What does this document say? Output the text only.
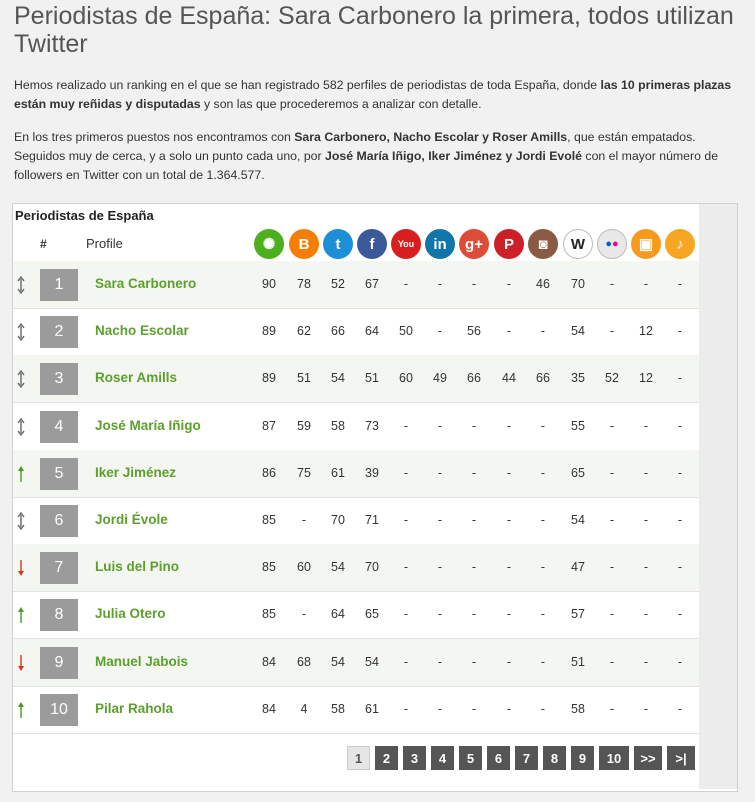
Periodistas de España: Sara Carbonero la primera, todos utilizan Twitter

Hemos realizado un ranking en el que se han registrado 582 perfiles de periodistas de toda España, donde las 10 primeras plazas están muy reñidas y disputadas y son las que procederemos a analizar con detalle.

En los tres primeros puestos nos encontramos con Sara Carbonero, Nacho Escolar y Roser Amills, que están empatados. Seguidos muy de cerca, y a solo un punto cada uno, por José María Iñigo, Iker Jiménez y Jordi Evolé con el mayor número de followers en Twitter con un total de 1.364.577.

Periodistas de España
#	Profile	✺	B	t	f	You	in	g+	P	◙	W	● ●	▣	♪
1	Sara Carbonero	90	78	52	67	-	-	-	-	46	70	-	-	-
2	Nacho Escolar	89	62	66	64	50	-	56	-	-	54	-	12	-
3	Roser Amills	89	51	54	51	60	49	66	44	66	35	52	12	-
4	José María Iñigo	87	59	58	73	-	-	-	-	-	55	-	-	-
5	Iker Jiménez	86	75	61	39	-	-	-	-	-	65	-	-	-
6	Jordi Évole	85	-	70	71	-	-	-	-	-	54	-	-	-
7	Luis del Pino	85	60	54	70	-	-	-	-	-	47	-	-	-
8	Julia Otero	85	-	64	65	-	-	-	-	-	57	-	-	-
9	Manuel Jabois	84	68	54	54	-	-	-	-	-	51	-	-	-
10	Pilar Rahola	84	4	58	61	-	-	-	-	-	58	-	-	-
1	2	3	4	5	6	7	8	9	10	>>	>|
